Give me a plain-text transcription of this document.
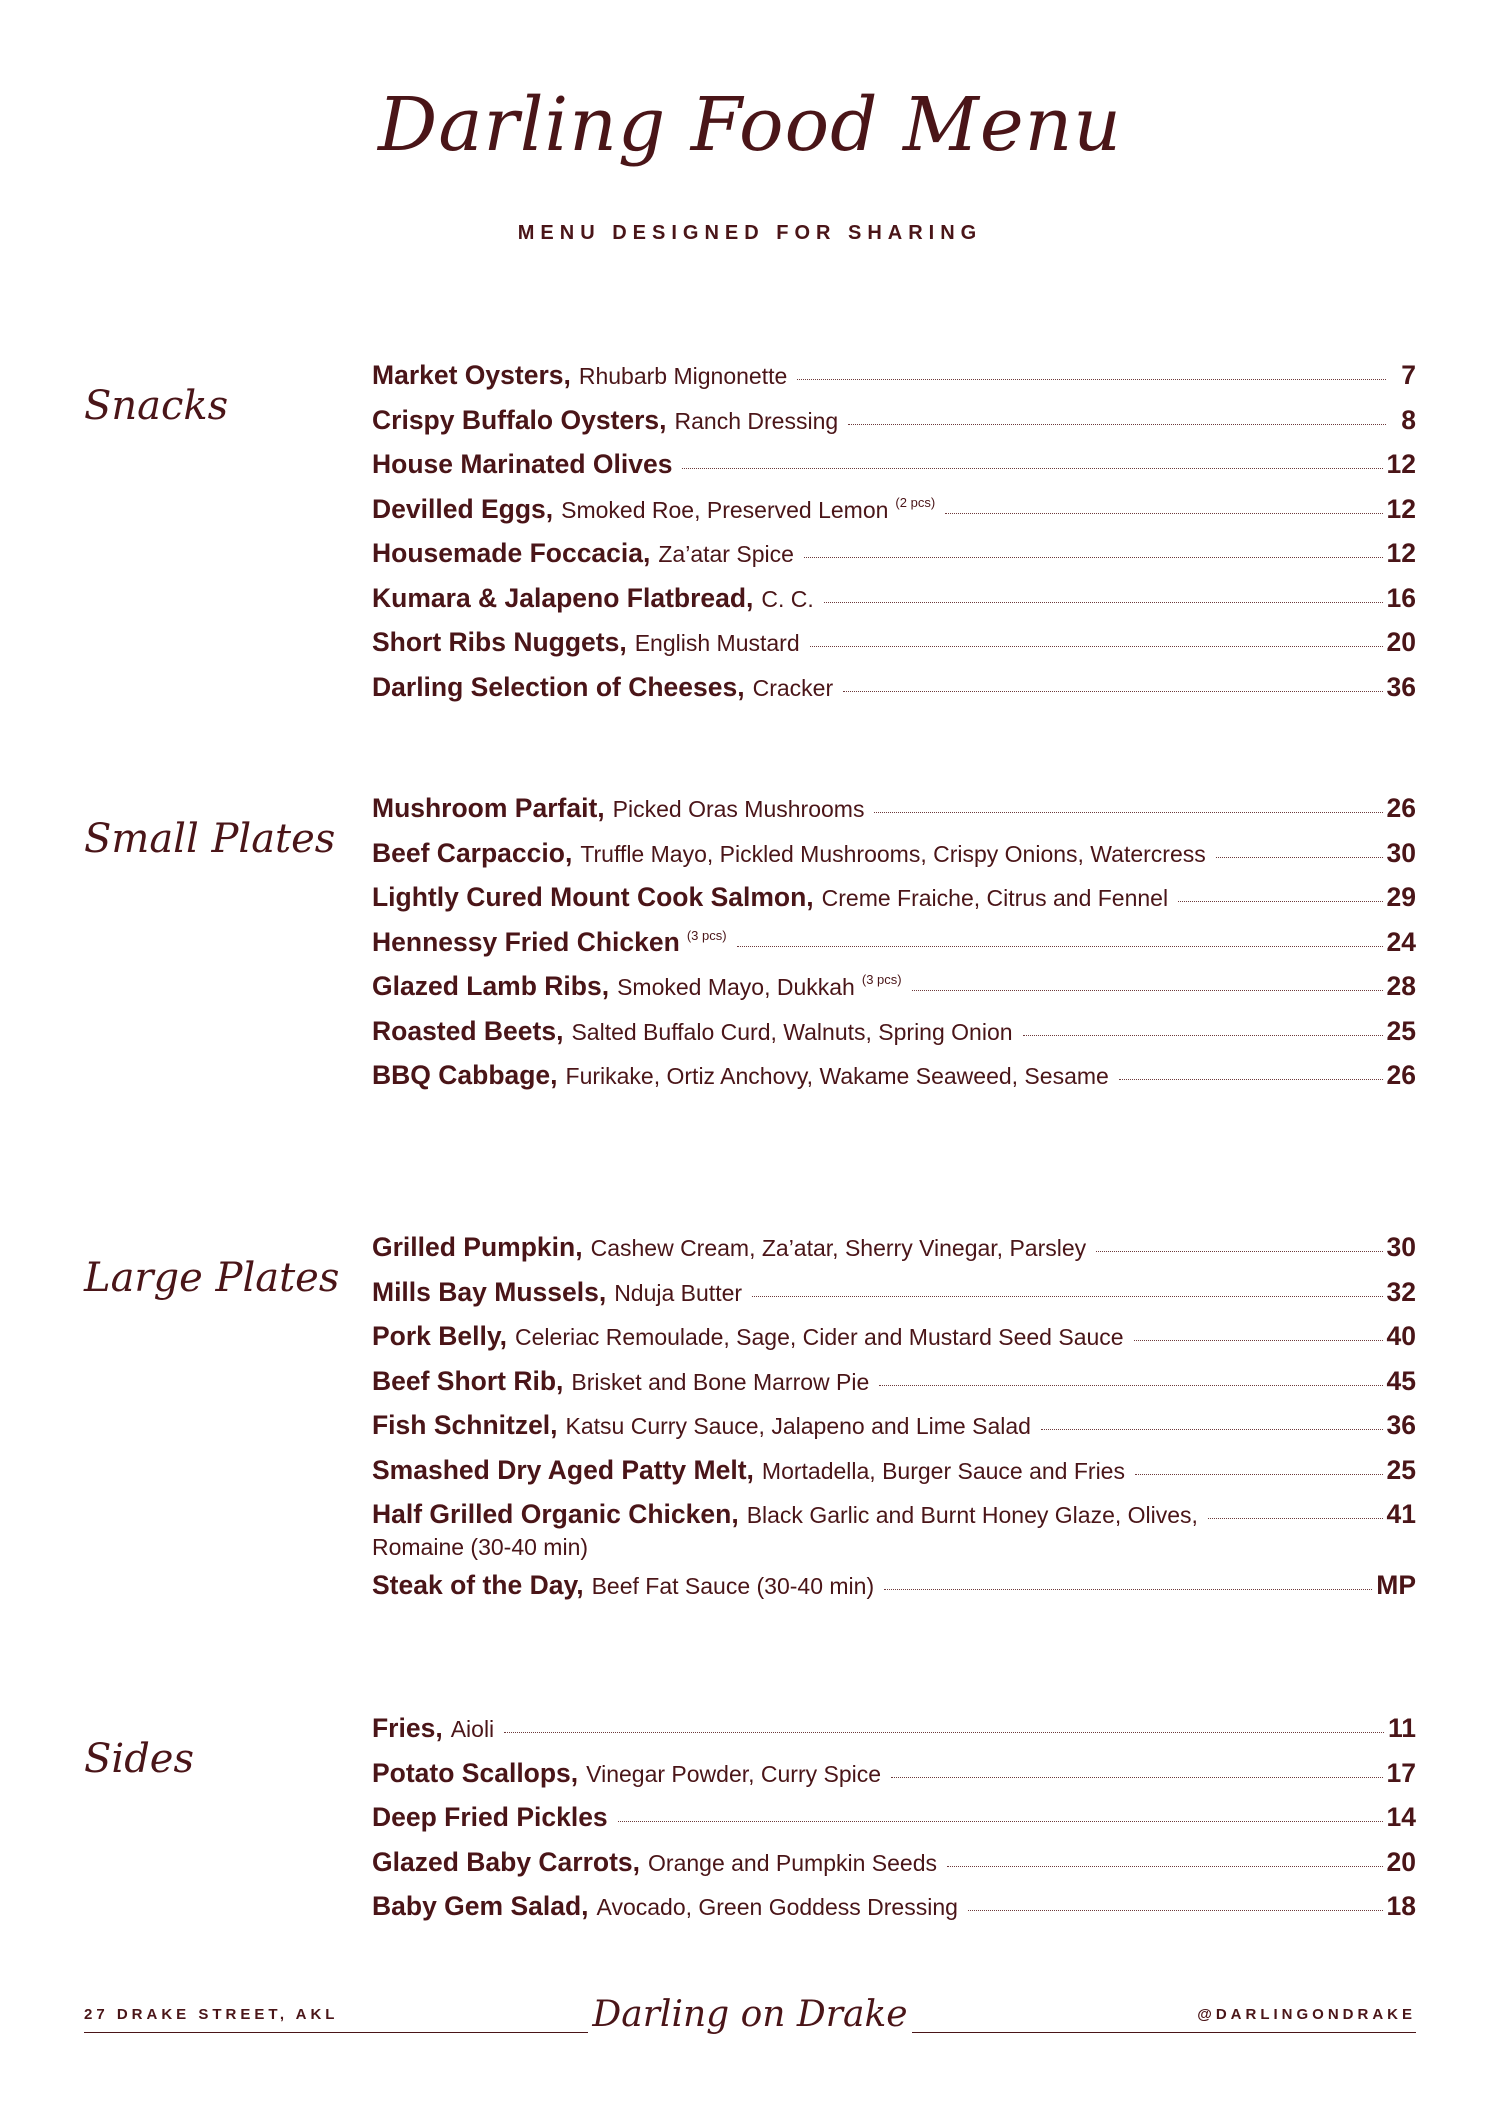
Darling Food Menu
MENU DESIGNED FOR SHARING
Snacks
Market Oysters, Rhubarb Mignonette	7
Crispy Buffalo Oysters, Ranch Dressing	8
House Marinated Olives	12
Devilled Eggs, Smoked Roe, Preserved Lemon (2 pcs)	12
Housemade Foccacia, Za’atar Spice	12
Kumara & Jalapeno Flatbread, C. C.	16
Short Ribs Nuggets, English Mustard	20
Darling Selection of Cheeses, Cracker	36
Small Plates
Mushroom Parfait, Picked Oras Mushrooms	26
Beef Carpaccio, Truffle Mayo, Pickled Mushrooms, Crispy Onions, Watercress	30
Lightly Cured Mount Cook Salmon, Creme Fraiche, Citrus and Fennel	29
Hennessy Fried Chicken (3 pcs)	24
Glazed Lamb Ribs, Smoked Mayo, Dukkah (3 pcs)	28
Roasted Beets, Salted Buffalo Curd, Walnuts, Spring Onion	25
BBQ Cabbage, Furikake, Ortiz Anchovy, Wakame Seaweed, Sesame	26
Large Plates
Grilled Pumpkin, Cashew Cream, Za’atar, Sherry Vinegar, Parsley	30
Mills Bay Mussels, Nduja Butter	32
Pork Belly, Celeriac Remoulade, Sage, Cider and Mustard Seed Sauce	40
Beef Short Rib, Brisket and Bone Marrow Pie	45
Fish Schnitzel, Katsu Curry Sauce, Jalapeno and Lime Salad	36
Smashed Dry Aged Patty Melt, Mortadella, Burger Sauce and Fries	25
Half Grilled Organic Chicken, Black Garlic and Burnt Honey Glaze, Olives,	41
Romaine (30-40 min)
Steak of the Day, Beef Fat Sauce (30-40 min)	MP
Sides
Fries, Aioli	11
Potato Scallops, Vinegar Powder, Curry Spice	17
Deep Fried Pickles	14
Glazed Baby Carrots, Orange and Pumpkin Seeds	20
Baby Gem Salad, Avocado, Green Goddess Dressing	18
27 DRAKE STREET, AKL	Darling on Drake	@DARLINGONDRAKE
